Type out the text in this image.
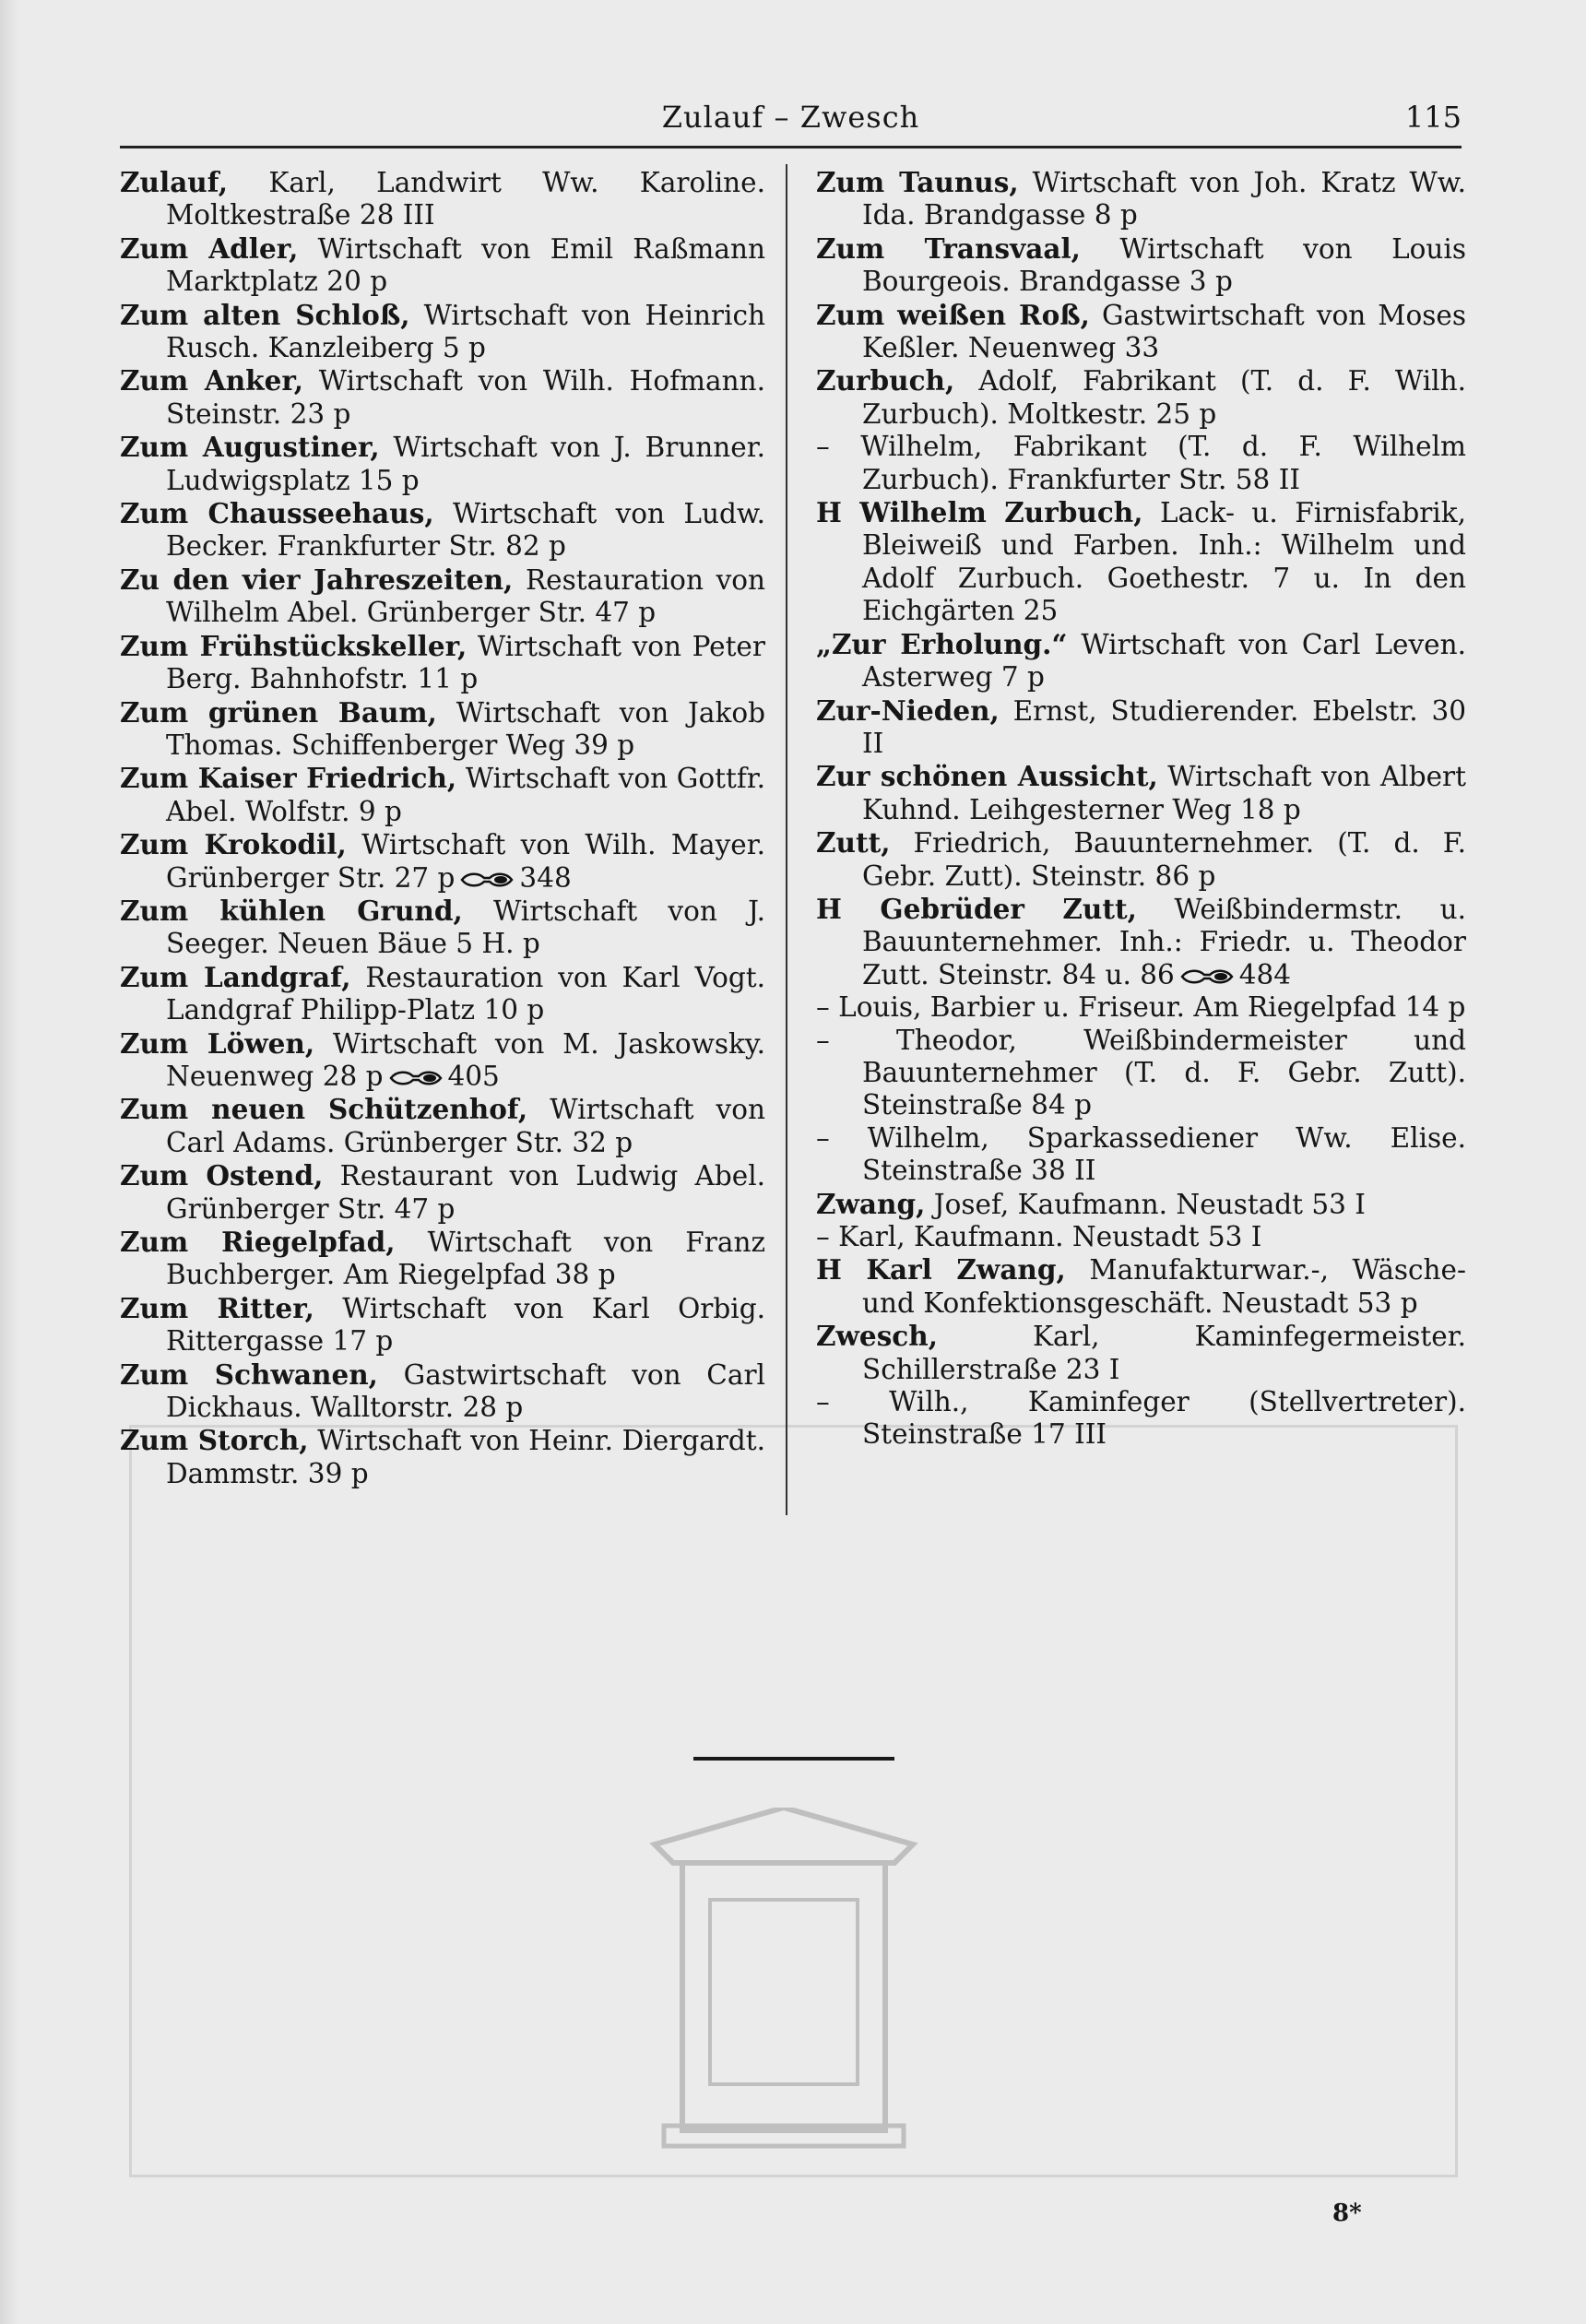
Zulauf – Zwesch	115
Zulauf, Karl, Landwirt Ww. Karoline. Moltkestraße 28 III
Zum Adler, Wirtschaft von Emil Raßmann Marktplatz 20 p
Zum alten Schloß, Wirtschaft von Heinrich Rusch. Kanzleiberg 5 p
Zum Anker, Wirtschaft von Wilh. Hofmann. Steinstr. 23 p
Zum Augustiner, Wirtschaft von J. Brunner. Ludwigsplatz 15 p
Zum Chausseehaus, Wirtschaft von Ludw. Becker. Frankfurter Str. 82 p
Zu den vier Jahreszeiten, Restauration von Wilhelm Abel. Grünberger Str. 47 p
Zum Frühstückskeller, Wirtschaft von Peter Berg. Bahnhofstr. 11 p
Zum grünen Baum, Wirtschaft von Jakob Thomas. Schiffenberger Weg 39 p
Zum Kaiser Friedrich, Wirtschaft von Gottfr. Abel. Wolfstr. 9 p
Zum Krokodil, Wirtschaft von Wilh. Mayer. Grünberger Str. 27 p 348
Zum kühlen Grund, Wirtschaft von J. Seeger. Neuen Bäue 5 H. p
Zum Landgraf, Restauration von Karl Vogt. Landgraf Philipp-Platz 10 p
Zum Löwen, Wirtschaft von M. Jaskowsky. Neuenweg 28 p 405
Zum neuen Schützenhof, Wirtschaft von Carl Adams. Grünberger Str. 32 p
Zum Ostend, Restaurant von Ludwig Abel. Grünberger Str. 47 p
Zum Riegelpfad, Wirtschaft von Franz Buchberger. Am Riegelpfad 38 p
Zum Ritter, Wirtschaft von Karl Orbig. Rittergasse 17 p
Zum Schwanen, Gastwirtschaft von Carl Dickhaus. Walltorstr. 28 p
Zum Storch, Wirtschaft von Heinr. Diergardt. Dammstr. 39 p
Zum Taunus, Wirtschaft von Joh. Kratz Ww. Ida. Brandgasse 8 p
Zum Transvaal, Wirtschaft von Louis Bourgeois. Brandgasse 3 p
Zum weißen Roß, Gastwirtschaft von Moses Keßler. Neuenweg 33
Zurbuch, Adolf, Fabrikant (T. d. F. Wilh. Zurbuch). Moltkestr. 25 p
– Wilhelm, Fabrikant (T. d. F. Wilhelm Zurbuch). Frankfurter Str. 58 II
H Wilhelm Zurbuch, Lack- u. Firnisfabrik, Bleiweiß und Farben. Inh.: Wilhelm und Adolf Zurbuch. Goethestr. 7 u. In den Eichgärten 25
„Zur Erholung.“ Wirtschaft von Carl Leven. Asterweg 7 p
Zur-Nieden, Ernst, Studierender. Ebelstr. 30 II
Zur schönen Aussicht, Wirtschaft von Albert Kuhnd. Leihgesterner Weg 18 p
Zutt, Friedrich, Bauunternehmer. (T. d. F. Gebr. Zutt). Steinstr. 86 p
H Gebrüder Zutt, Weißbindermstr. u. Bauunternehmer. Inh.: Friedr. u. Theodor Zutt. Steinstr. 84 u. 86 484
– Louis, Barbier u. Friseur. Am Riegelpfad 14 p
– Theodor, Weißbindermeister und Bauunternehmer (T. d. F. Gebr. Zutt). Steinstraße 84 p
– Wilhelm, Sparkassediener Ww. Elise. Steinstraße 38 II
Zwang, Josef, Kaufmann. Neustadt 53 I
– Karl, Kaufmann. Neustadt 53 I
H Karl Zwang, Manufakturwar.-, Wäsche- und Konfektionsgeschäft. Neustadt 53 p
Zwesch, Karl, Kaminfegermeister. Schillerstraße 23 I
– Wilh., Kaminfeger (Stellvertreter). Steinstraße 17 III
8*
